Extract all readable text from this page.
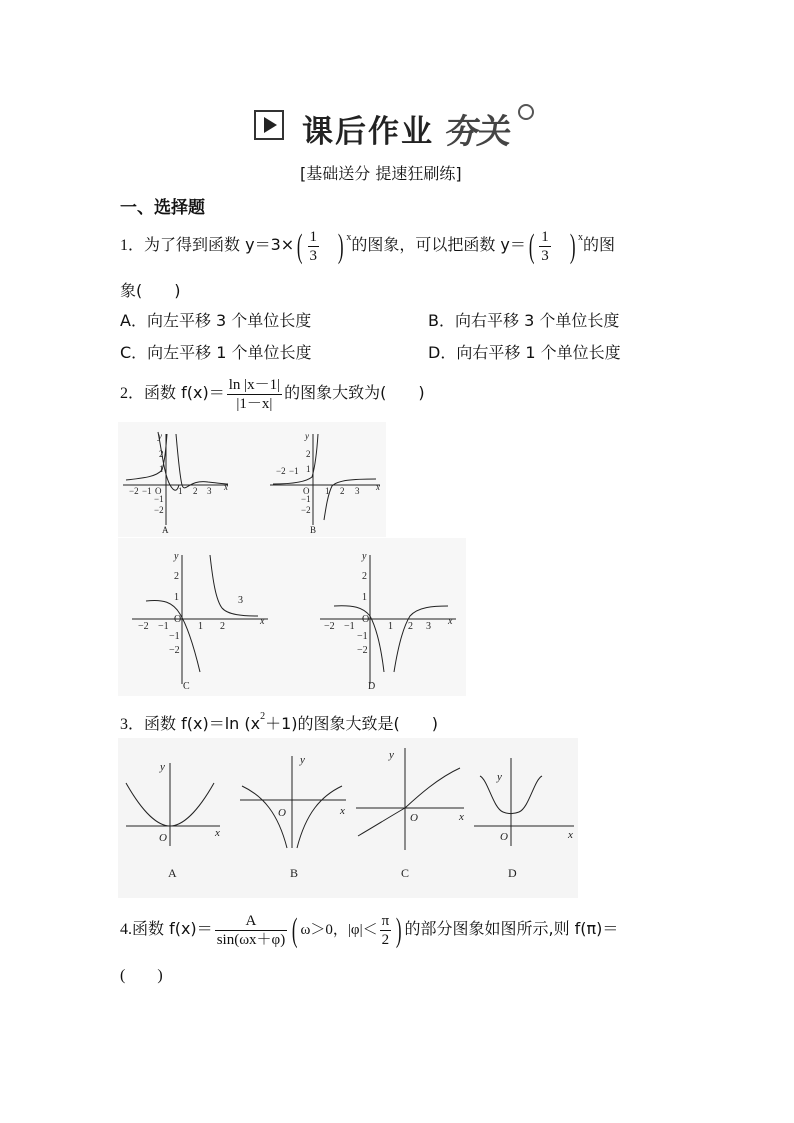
课后作业 夯关
[基础送分 提速狂刷练]
一、选择题
1．为了得到函数 $y=3\times( \frac{1}{3}$ ) $^x$的图象，可以把函数 $y=( \frac{1}{3}$ ) $^x$的图
象(　　)
A．向左平移 3 个单位长度	B．向右平移 3 个单位长度
C．向左平移 1 个单位长度	D．向右平移 1 个单位长度
2．函数 $f(x)= \frac{\ln |x-1|}{|1-x|}$ 的图象大致为(　　)
y
x
−2 −1 O 1 2 3
2
1
−1
−2
A
y
x
−2 −1
O 1 2 3
2
1
−1
−2
B
y
x
−2 −1
O
1 2
3
2
1
−1
−2
C
y
x
−2 −1
O
1 2 3
2
1
−1
−2
D
3．函数 f(x)＝ln $(x^2+1)$的图象大致是(　　)
y
x
O
A
y
x
O
B
y
x
O
C
y
x
O
D
4.函数 $f(x)= \frac{A}{\sin(\omega x+\varphi)}$ ( ω＞0，$|\varphi|< \frac{\pi}{2}$ ) 的部分图象如图所示,则 f(π)＝
(　　)
